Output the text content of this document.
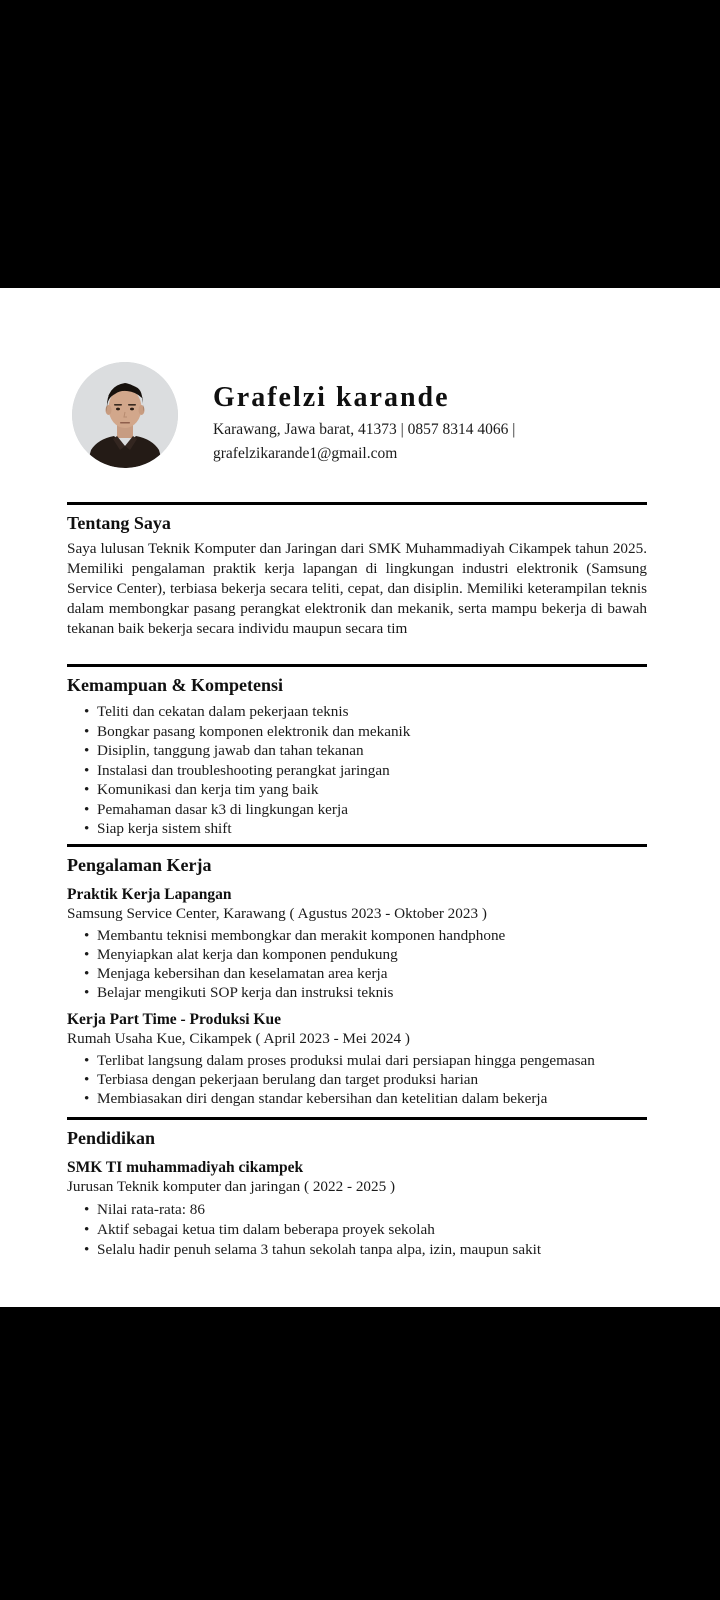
Grafelzi karande
Karawang, Jawa barat, 41373 | 0857 8314 4066 |
grafelzikarande1@gmail.com
Tentang Saya

Saya lulusan Teknik Komputer dan Jaringan dari SMK Muhammadiyah Cikampek tahun 2025. Memiliki pengalaman praktik kerja lapangan di lingkungan industri elektronik (Samsung Service Center), terbiasa bekerja secara teliti, cepat, dan disiplin. Memiliki keterampilan teknis dalam membongkar pasang perangkat elektronik dan mekanik, serta mampu bekerja di bawah tekanan baik bekerja secara individu maupun secara tim

Kemampuan & Kompetensi
• Teliti dan cekatan dalam pekerjaan teknis
• Bongkar pasang komponen elektronik dan mekanik
• Disiplin, tanggung jawab dan tahan tekanan
• Instalasi dan troubleshooting perangkat jaringan
• Komunikasi dan kerja tim yang baik
• Pemahaman dasar k3 di lingkungan kerja
• Siap kerja sistem shift
Pengalaman Kerja
Praktik Kerja Lapangan
Samsung Service Center, Karawang ( Agustus 2023 - Oktober 2023 )
• Membantu teknisi membongkar dan merakit komponen handphone
• Menyiapkan alat kerja dan komponen pendukung
• Menjaga kebersihan dan keselamatan area kerja
• Belajar mengikuti SOP kerja dan instruksi teknis
Kerja Part Time - Produksi Kue
Rumah Usaha Kue, Cikampek ( April 2023 - Mei 2024 )
• Terlibat langsung dalam proses produksi mulai dari persiapan hingga pengemasan
• Terbiasa dengan pekerjaan berulang dan target produksi harian
• Membiasakan diri dengan standar kebersihan dan ketelitian dalam bekerja
Pendidikan
SMK TI muhammadiyah cikampek
Jurusan Teknik komputer dan jaringan ( 2022 - 2025 )
• Nilai rata-rata: 86
• Aktif sebagai ketua tim dalam beberapa proyek sekolah
• Selalu hadir penuh selama 3 tahun sekolah tanpa alpa, izin, maupun sakit
